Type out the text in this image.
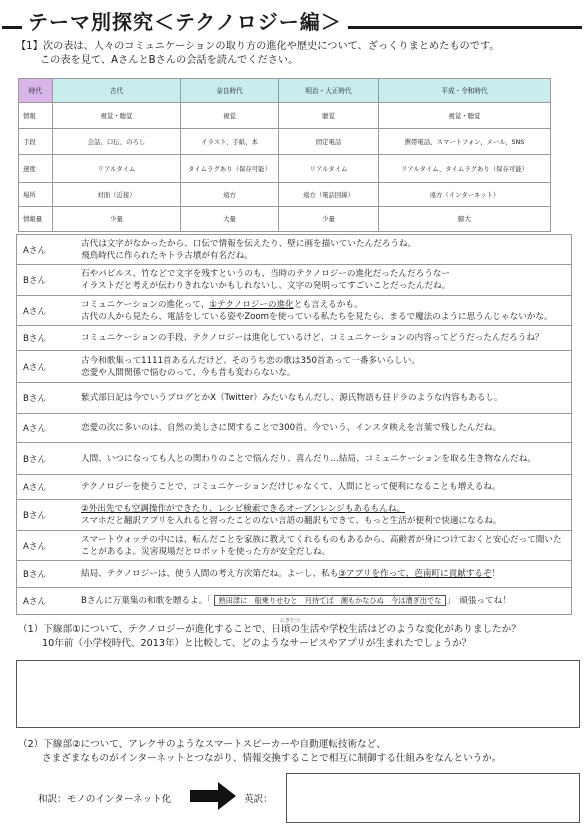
テーマ別探究＜テクノロジー編＞
【1】次の表は、人々のコミュニケーションの取り方の進化や歴史について、ざっくりまとめたものです。
この表を見て、AさんとBさんの会話を読んでください。
時代	古代	奈良時代	明治・大正時代	平成・令和時代
情報	視覚・聴覚	視覚	聴覚	視覚・聴覚
手段	会話、口伝、のろし	イラスト、手紙、本	固定電話	携帯電話、スマートフォン、メール、SNS
速度	リアルタイム	タイムラグあり（保存可能）	リアルタイム	リアルタイム、タイムラグあり（保存可能）
場所	対面（近接）	遠方	遠方（電話回線）	遠方（インターネット）
情報量	少量	大量	少量	膨大
Aさん
古代は文字がなかったから、口伝で情報を伝えたり、壁に画を描いていたんだろうね。
飛鳥時代に作られたキトラ古墳が有名だね。
Bさん
石やパピルス、竹などで文字を残すというのも、当時のテクノロジーの進化だったんだろうなー
イラストだと考えが伝わりきれないかもしれないし、文字の発明ってすごいことだったんだね。
Aさん
コミュニケーションの進化って、①テクノロジーの進化とも言えるかも。
古代の人から見たら、電話をしている姿やZoomを使っている私たちを見たら、まるで魔法のように思うんじゃないかな。
Bさん	コミュニケーションの手段、テクノロジーは進化しているけど、コミュニケーションの内容ってどうだったんだろうね？
Aさん
古今和歌集って1111首あるんだけど、そのうち恋の歌は350首あって一番多いらしい。
恋愛や人間関係で悩むのって、今も昔も変わらないな。
Bさん	紫式部日記は今でいうブログとかX（Twitter）みたいなもんだし、源氏物語も昼ドラのような内容もあるし。
Aさん	恋愛の次に多いのは、自然の美しさに関することで300首。今でいう、インスタ映えを言葉で残したんだね。
Bさん	人間、いつになっても人との関わりのことで悩んだり、喜んだり…結局、コミュニケーションを取る生き物なんだね。
Aさん	テクノロジーを使うことで、コミュニケーションだけじゃなくて、人間にとって便利になることも増えるね。
Bさん
②外出先でも空調操作ができたり、レシピ検索できるオーブンレンジもあるもんね。
スマホだと翻訳アプリを入れると習ったことのない言語の翻訳もできて、もっと生活が便利で快適になるね。
Aさん
スマートウォッチの中には、転んだことを家族に教えてくれるものもあるから、高齢者が身につけておくと安心だって聞いた
ことがあるよ。災害現場だとロボットを使った方が安全だしね。
Bさん	結局、テクノロジーは、使う人間の考え方次第だね。よーし、私も③アプリを作って、芭南町に貢献するぞ！
Aさん	Bさんに万葉集の和歌を贈るよ。「 熟田津に　船乗りせむと　月待てば　潮もかなひぬ　今は漕ぎ出でな 」　頑張ってね！
にぎたつ
（1）下線部①について、テクノロジーが進化することで、日頃の生活や学校生活はどのような変化がありましたか？
10年前（小学校時代、2013年）と比較して、どのようなサービスやアプリが生まれたでしょうか？
（2）下線部②について、アレクサのようなスマートスピーカーや自動運転技術など、
さまざまなものがインターネットとつながり、情報交換することで相互に制御する仕組みをなんというか。
和訳：モノのインターネット化	英訳：
